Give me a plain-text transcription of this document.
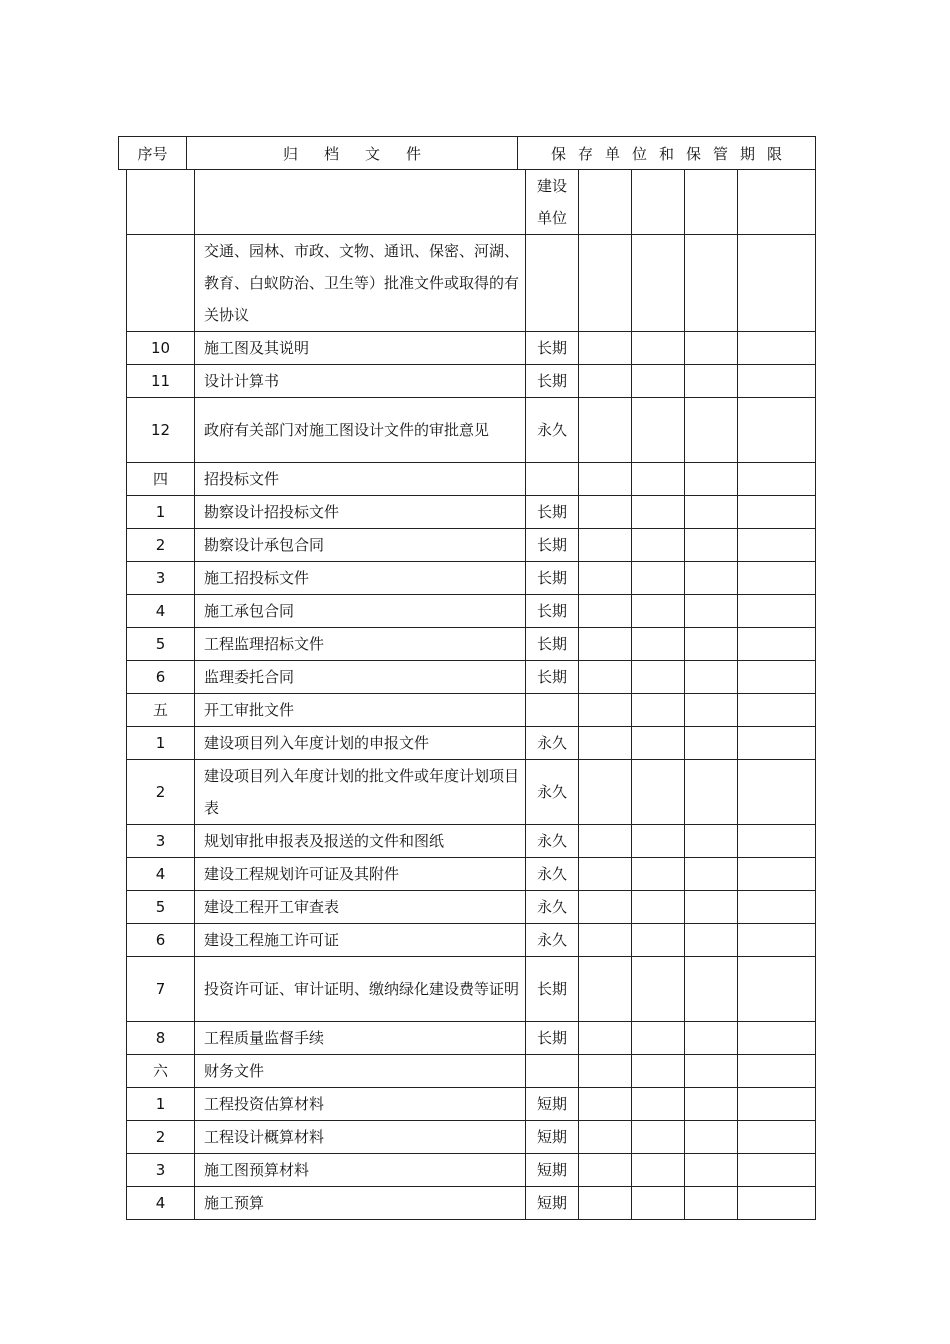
序号	归档文件	保存单位和保管期限
		建设单位				
	交通、园林、市政、文物、通讯、保密、河湖、教育、白蚁防治、卫生等）批准文件或取得的有关协议					
10	施工图及其说明	长期				
11	设计计算书	长期				
12	政府有关部门对施工图设计文件的审批意见	永久				
四	招投标文件					
1	勘察设计招投标文件	长期				
2	勘察设计承包合同	长期				
3	施工招投标文件	长期				
4	施工承包合同	长期				
5	工程监理招标文件	长期				
6	监理委托合同	长期				
五	开工审批文件					
1	建设项目列入年度计划的申报文件	永久				
2	建设项目列入年度计划的批文件或年度计划项目表	永久				
3	规划审批申报表及报送的文件和图纸	永久				
4	建设工程规划许可证及其附件	永久				
5	建设工程开工审查表	永久				
6	建设工程施工许可证	永久				
7	投资许可证、审计证明、缴纳绿化建设费等证明	长期				
8	工程质量监督手续	长期				
六	财务文件					
1	工程投资估算材料	短期				
2	工程设计概算材料	短期				
3	施工图预算材料	短期				
4	施工预算	短期				
